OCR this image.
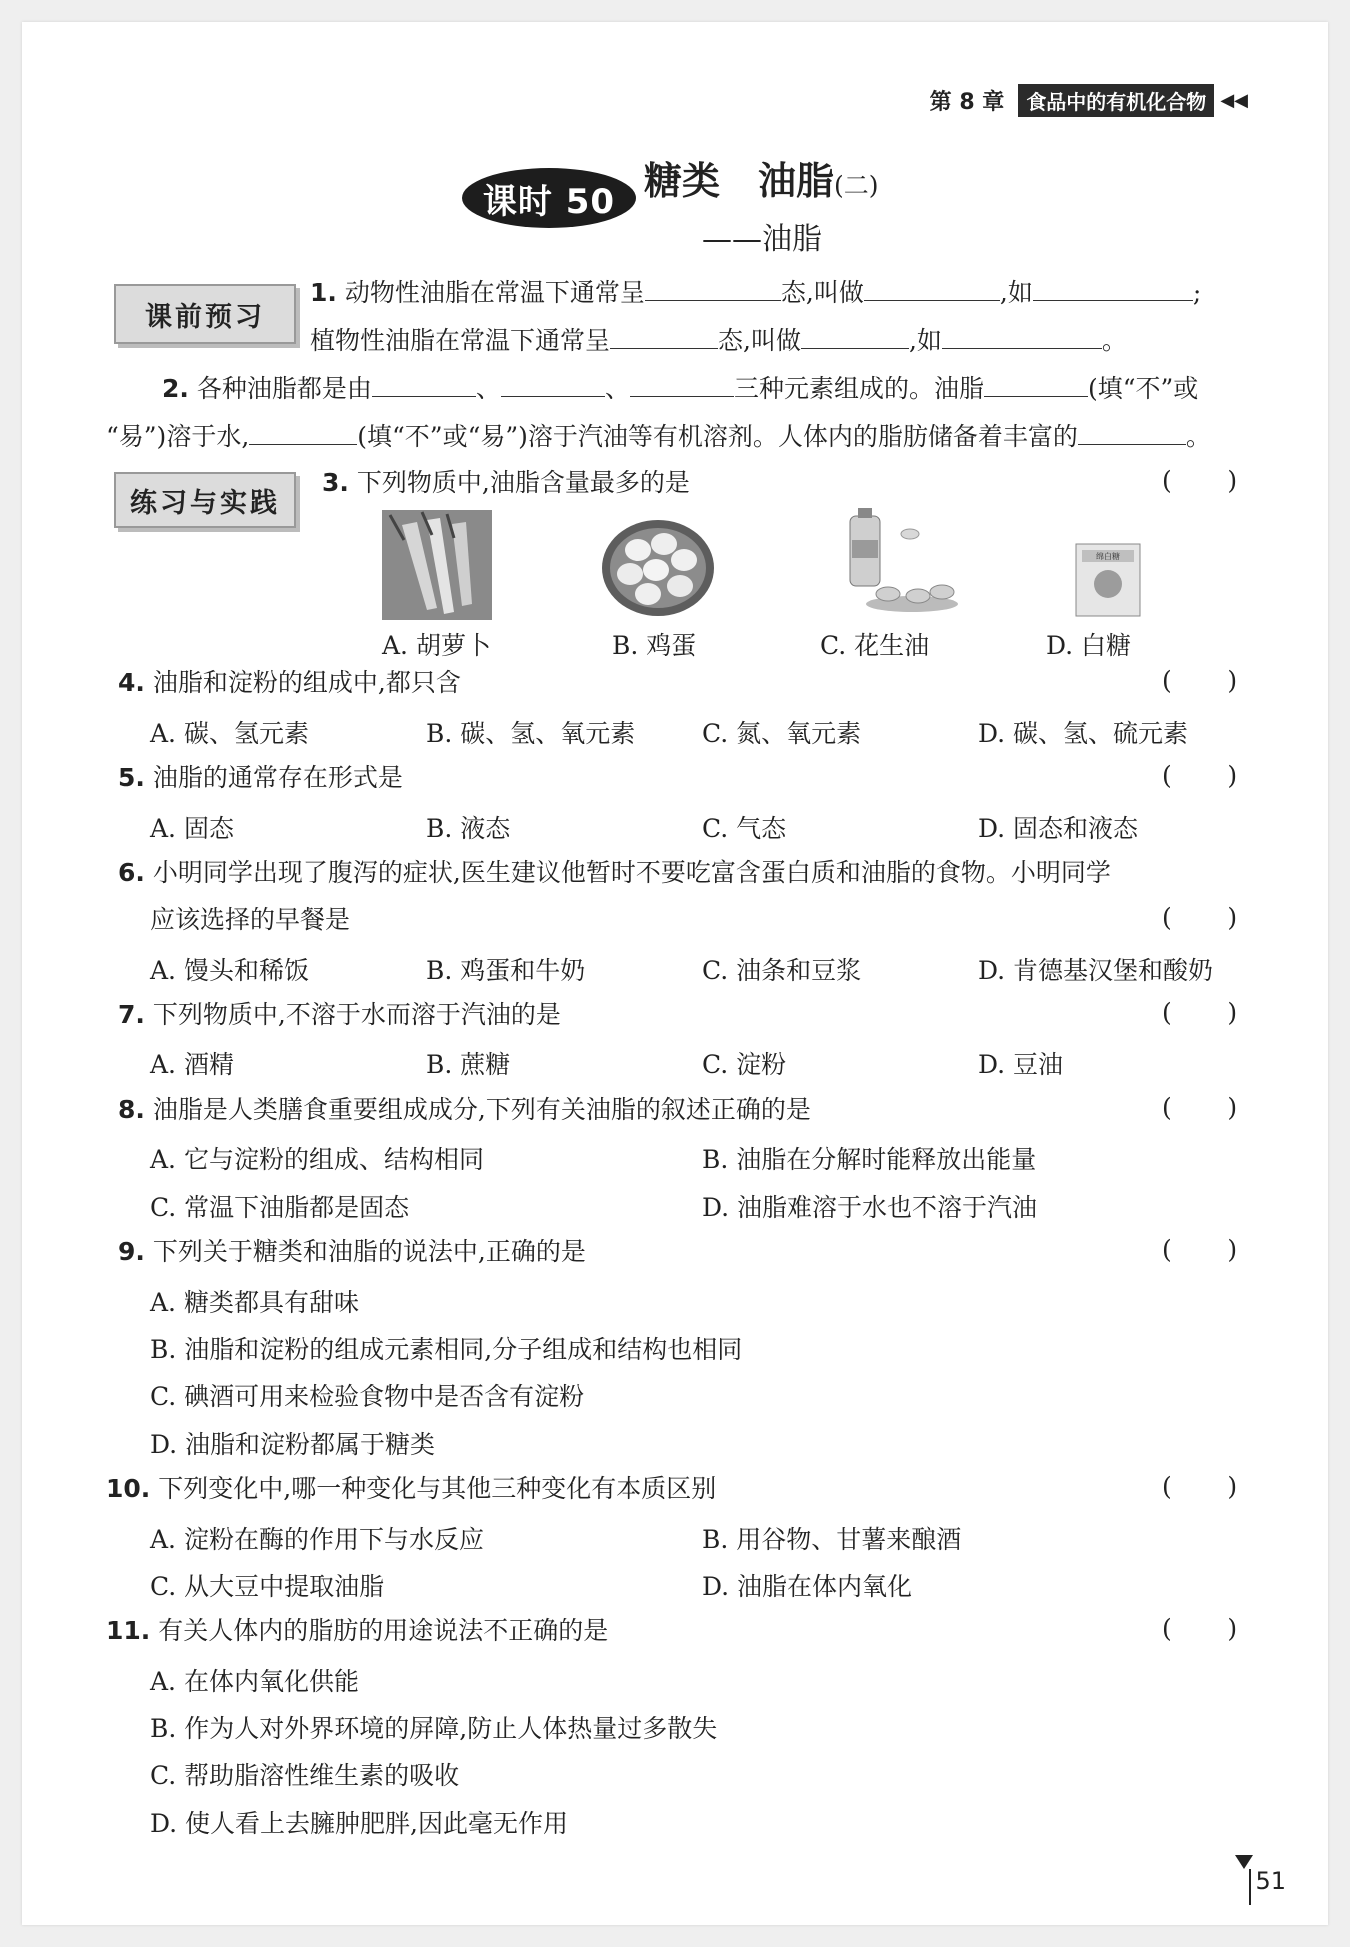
第 8 章	食品中的有机化合物 ◀◀
课时 50 糖类 油脂(二)
——油脂
课前预习
1. 动物性油脂在常温下通常呈	态,叫做	,如	;
植物性油脂在常温下通常呈	态,叫做	,如	。
2. 各种油脂都是由	、	、	三种元素组成的。油脂	(填“不”或
“易”)溶于水,	(填“不”或“易”)溶于汽油等有机溶剂。人体内的脂肪储备着丰富的	。
练习与实践
3. 下列物质中,油脂含量最多的是	(       )
绵白糖
A. 胡萝卜	B. 鸡蛋	C. 花生油	D. 白糖
4. 油脂和淀粉的组成中,都只含	(       )
A. 碳、氢元素	B. 碳、氢、氧元素	C. 氮、氧元素	D. 碳、氢、硫元素
5. 油脂的通常存在形式是	(       )
A. 固态	B. 液态	C. 气态	D. 固态和液态
6. 小明同学出现了腹泻的症状,医生建议他暂时不要吃富含蛋白质和油脂的食物。小明同学
应该选择的早餐是	(       )
A. 馒头和稀饭	B. 鸡蛋和牛奶	C. 油条和豆浆	D. 肯德基汉堡和酸奶
7. 下列物质中,不溶于水而溶于汽油的是	(       )
A. 酒精	B. 蔗糖	C. 淀粉	D. 豆油
8. 油脂是人类膳食重要组成成分,下列有关油脂的叙述正确的是	(       )
A. 它与淀粉的组成、结构相同	B. 油脂在分解时能释放出能量
C. 常温下油脂都是固态	D. 油脂难溶于水也不溶于汽油
9. 下列关于糖类和油脂的说法中,正确的是	(       )
A. 糖类都具有甜味
B. 油脂和淀粉的组成元素相同,分子组成和结构也相同
C. 碘酒可用来检验食物中是否含有淀粉
D. 油脂和淀粉都属于糖类
10. 下列变化中,哪一种变化与其他三种变化有本质区别	(       )
A. 淀粉在酶的作用下与水反应	B. 用谷物、甘薯来酿酒
C. 从大豆中提取油脂	D. 油脂在体内氧化
11. 有关人体内的脂肪的用途说法不正确的是	(       )
A. 在体内氧化供能
B. 作为人对外界环境的屏障,防止人体热量过多散失
C. 帮助脂溶性维生素的吸收
D. 使人看上去臃肿肥胖,因此毫无作用
51
